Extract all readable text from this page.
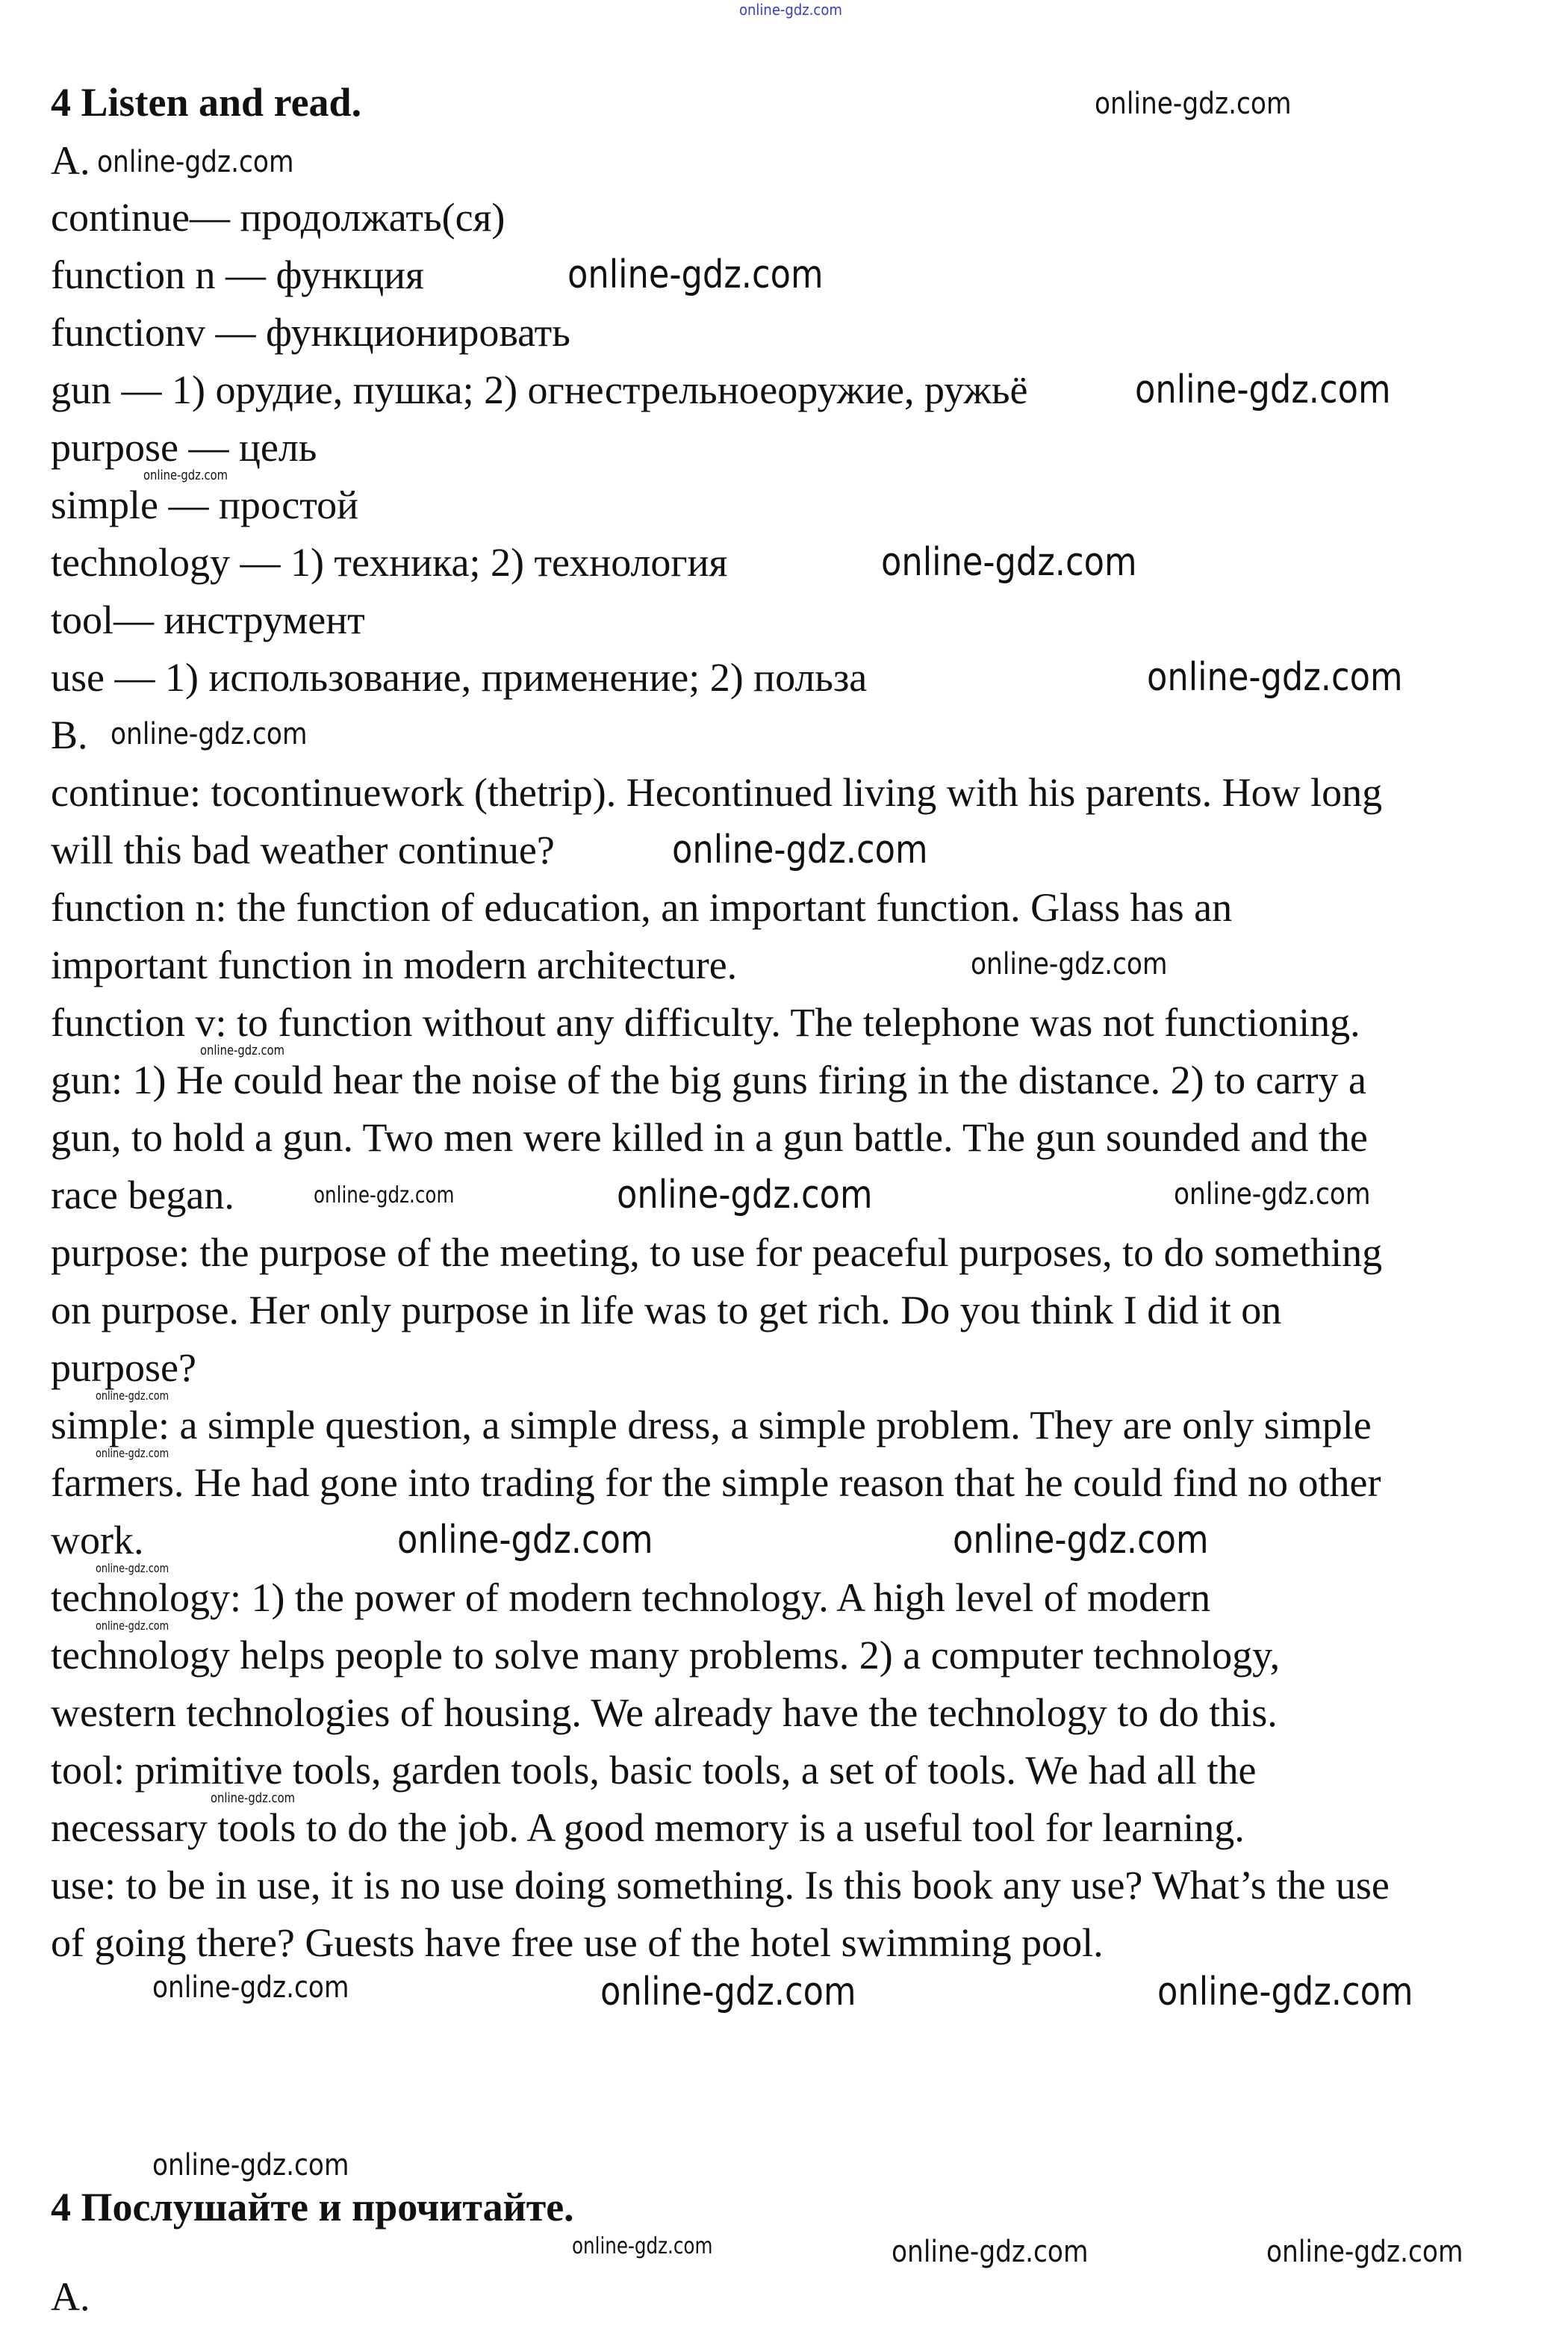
online-gdz.com
4 Listen and read.
A.
continue— продолжать(ся)
function n — функция
functionv — функционировать
gun — 1) орудие, пушка; 2) огнестрельноеоружие, ружьё
purpose — цель
simple — простой
technology — 1) техника; 2) технология
tool— инструмент
use — 1) использование, применение; 2) польза
B.
continue: tocontinuework (thetrip). Hecontinued living with his parents. How long
will this bad weather continue?
function n: the function of education, an important function. Glass has an
important function in modern architecture.
function v: to function without any difficulty. The telephone was not functioning.
gun: 1) He could hear the noise of the big guns firing in the distance. 2) to carry a
gun, to hold a gun. Two men were killed in a gun battle. The gun sounded and the
race began.
purpose: the purpose of the meeting, to use for peaceful purposes, to do something
on purpose. Her only purpose in life was to get rich. Do you think I did it on
purpose?
simple: a simple question, a simple dress, a simple problem. They are only simple
farmers. He had gone into trading for the simple reason that he could find no other
work.
technology: 1) the power of modern technology. A high level of modern
technology helps people to solve many problems. 2) a computer technology,
western technologies of housing. We already have the technology to do this.
tool: primitive tools, garden tools, basic tools, a set of tools. We had all the
necessary tools to do the job. A good memory is a useful tool for learning.
use: to be in use, it is no use doing something. Is this book any use? What’s the use
of going there? Guests have free use of the hotel swimming pool.
4 Послушайте и прочитайте.
A.
online-gdz.com
online-gdz.com
online-gdz.com
online-gdz.com
online-gdz.com
online-gdz.com
online-gdz.com
online-gdz.com
online-gdz.com
online-gdz.com
online-gdz.com
online-gdz.com	online-gdz.com
online-gdz.com
online-gdz.com
online-gdz.com
online-gdz.com	online-gdz.com
online-gdz.com
online-gdz.com
online-gdz.com
online-gdz.com	online-gdz.com	online-gdz.com
online-gdz.com
online-gdz.com	online-gdz.com	online-gdz.com
